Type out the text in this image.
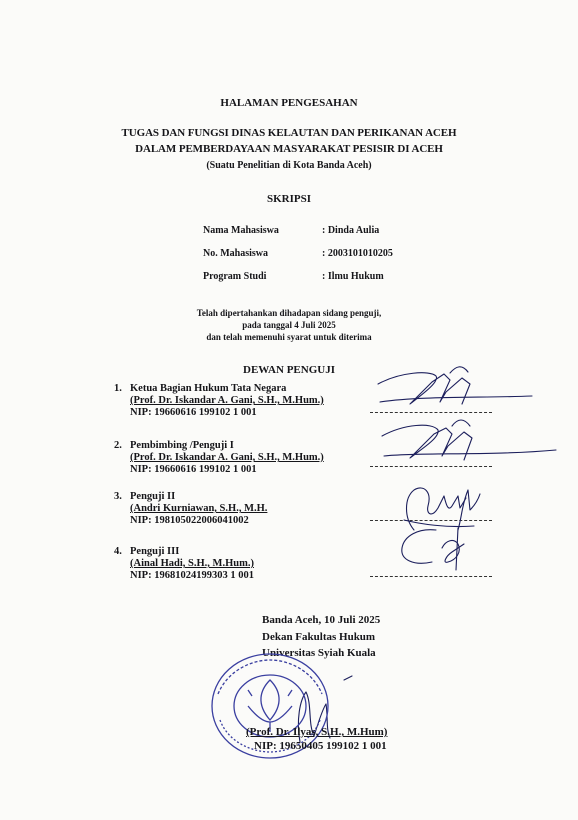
HALAMAN PENGESAHAN
TUGAS DAN FUNGSI DINAS KELAUTAN DAN PERIKANAN ACEH
DALAM PEMBERDAYAAN MASYARAKAT PESISIR DI ACEH
(Suatu Penelitian di Kota Banda Aceh)
SKRIPSI
Nama Mahasiswa	: Dinda Aulia
No. Mahasiswa	: 2003101010205
Program Studi	: Ilmu Hukum
Telah dipertahankan dihadapan sidang penguji,
pada tanggal 4 Juli 2025
dan telah memenuhi syarat untuk diterima
DEWAN PENGUJI
1. Ketua Bagian Hukum Tata Negara
(Prof. Dr. Iskandar A. Gani, S.H., M.Hum.)
NIP: 19660616 199102 1 001
2. Pembimbing /Penguji I
(Prof. Dr. Iskandar A. Gani, S.H., M.Hum.)
NIP: 19660616 199102 1 001
3. Penguji II
(Andri Kurniawan, S.H., M.H.
NIP: 198105022006041002
4. Penguji III
(Ainal Hadi, S.H., M.Hum.)
NIP: 19681024199303 1 001
Banda Aceh, 10 Juli 2025
Dekan Fakultas Hukum
Universitas Syiah Kuala
(Prof. Dr. Ilyas, S.H., M.Hum)
NIP: 19650405 199102 1 001
